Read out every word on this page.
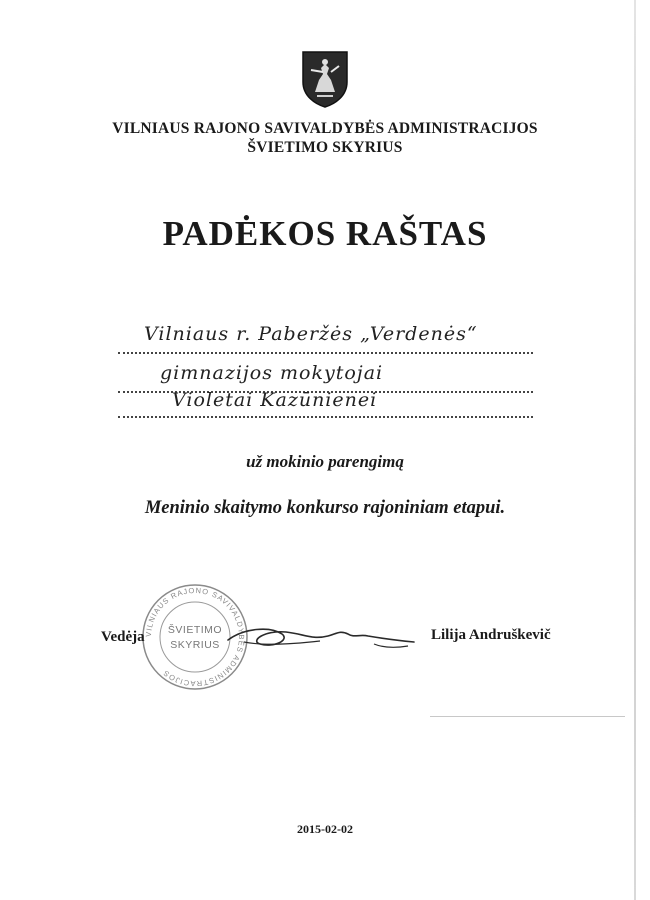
VILNIAUS RAJONO SAVIVALDYBĖS ADMINISTRACIJOS
ŠVIETIMO SKYRIUS
PADĖKOS RAŠTAS
Vilniaus r. Paberžės „Verdenės“
gimnazijos mokytojai
Violetai Kazūnienei
už mokinio parengimą
Meninio skaitymo konkurso rajoniniam etapui.
VILNIAUS RAJONO SAVIVALDYBĖS ADMINISTRACIJOS
ŠVIETIMO
SKYRIUS
Vedėja	Lilija Andruškevič
2015-02-02
